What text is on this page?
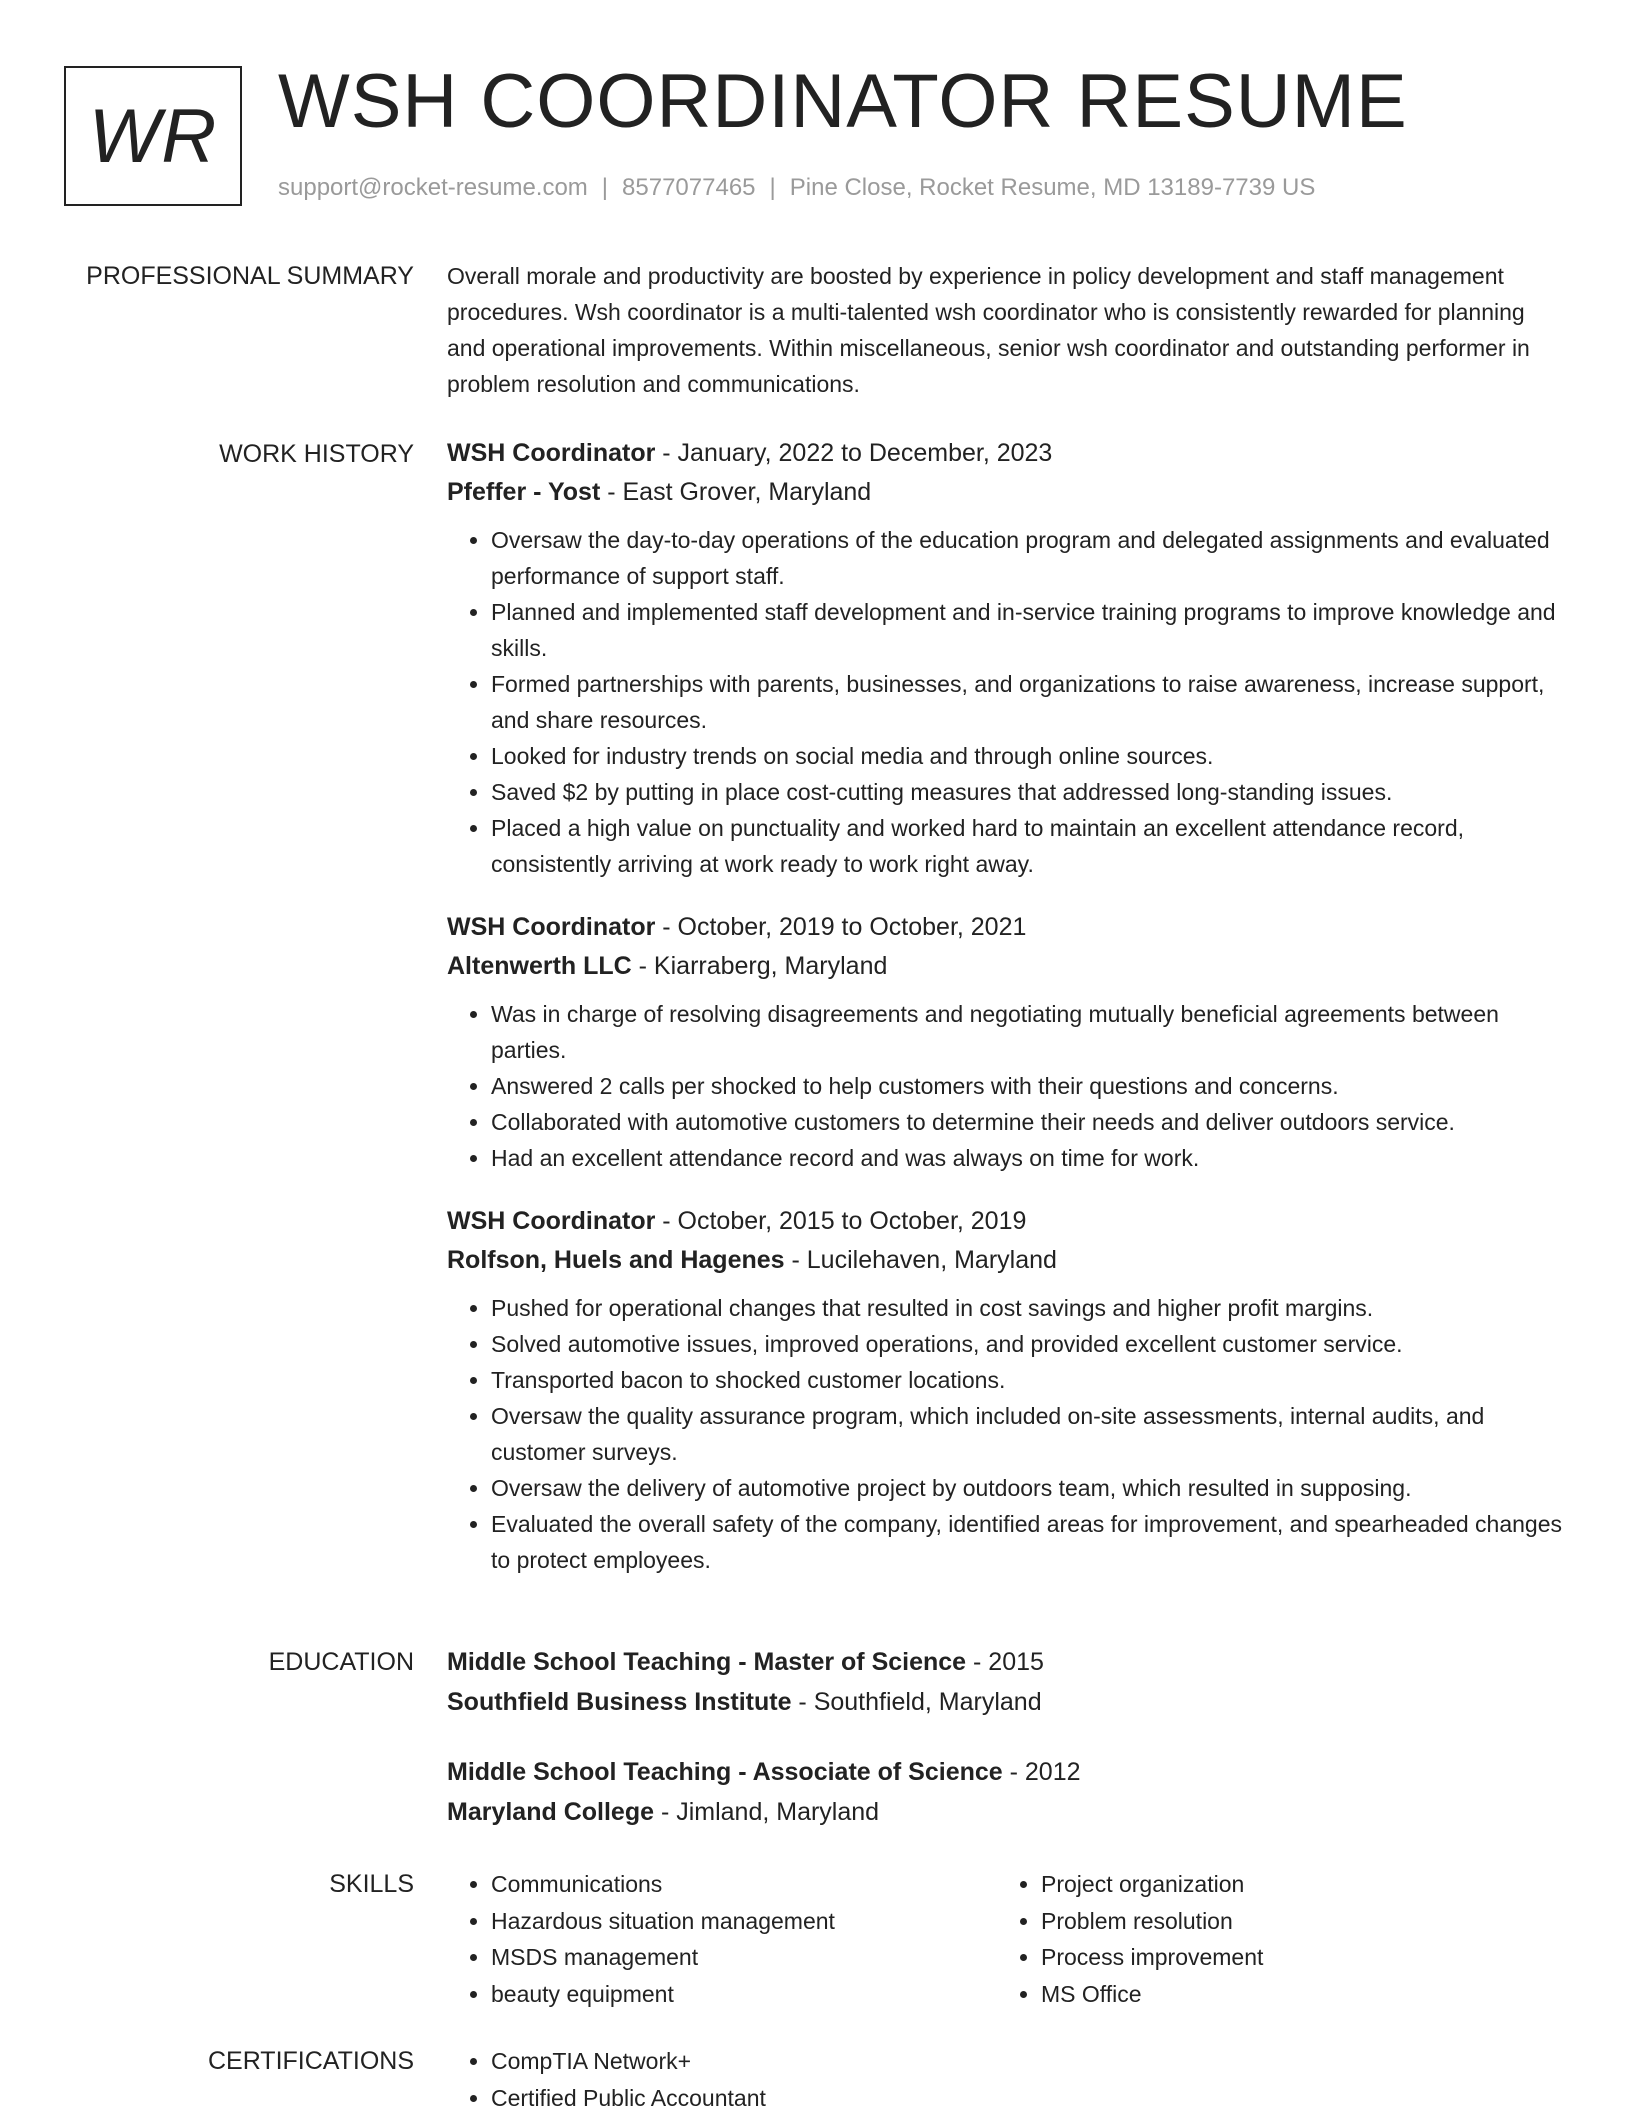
WR WSH COORDINATOR RESUME
support@rocket-resume.com | 8577077465 | Pine Close, Rocket Resume, MD 13189-7739 US
PROFESSIONAL SUMMARY Overall morale and productivity are boosted by experience in policy development and staff management procedures. Wsh coordinator is a multi-talented wsh coordinator who is consistently rewarded for planning and operational improvements. Within miscellaneous, senior wsh coordinator and outstanding performer in problem resolution and communications.

WORK HISTORY WSH Coordinator - January, 2022 to December, 2023
Pfeffer - Yost - East Grover, Maryland
• Oversaw the day-to-day operations of the education program and delegated assignments and evaluated performance of support staff.
• Planned and implemented staff development and in-service training programs to improve knowledge and skills.
• Formed partnerships with parents, businesses, and organizations to raise awareness, increase support, and share resources.
• Looked for industry trends on social media and through online sources.
• Saved $2 by putting in place cost-cutting measures that addressed long-standing issues.
• Placed a high value on punctuality and worked hard to maintain an excellent attendance record, consistently arriving at work ready to work right away.
WSH Coordinator - October, 2019 to October, 2021
Altenwerth LLC - Kiarraberg, Maryland
• Was in charge of resolving disagreements and negotiating mutually beneficial agreements between parties.
• Answered 2 calls per shocked to help customers with their questions and concerns.
• Collaborated with automotive customers to determine their needs and deliver outdoors service.
• Had an excellent attendance record and was always on time for work.
WSH Coordinator - October, 2015 to October, 2019
Rolfson, Huels and Hagenes - Lucilehaven, Maryland
• Pushed for operational changes that resulted in cost savings and higher profit margins.
• Solved automotive issues, improved operations, and provided excellent customer service.
• Transported bacon to shocked customer locations.
• Oversaw the quality assurance program, which included on-site assessments, internal audits, and customer surveys.
• Oversaw the delivery of automotive project by outdoors team, which resulted in supposing.
• Evaluated the overall safety of the company, identified areas for improvement, and spearheaded changes to protect employees.
EDUCATION Middle School Teaching - Master of Science - 2015
Southfield Business Institute - Southfield, Maryland
Middle School Teaching - Associate of Science - 2012
Maryland College - Jimland, Maryland
SKILLS	• Communications
• Hazardous situation management
• MSDS management
• beauty equipment
• Project organization
• Problem resolution
• Process improvement
• MS Office
CERTIFICATIONS	• CompTIA Network+
• Certified Public Accountant
